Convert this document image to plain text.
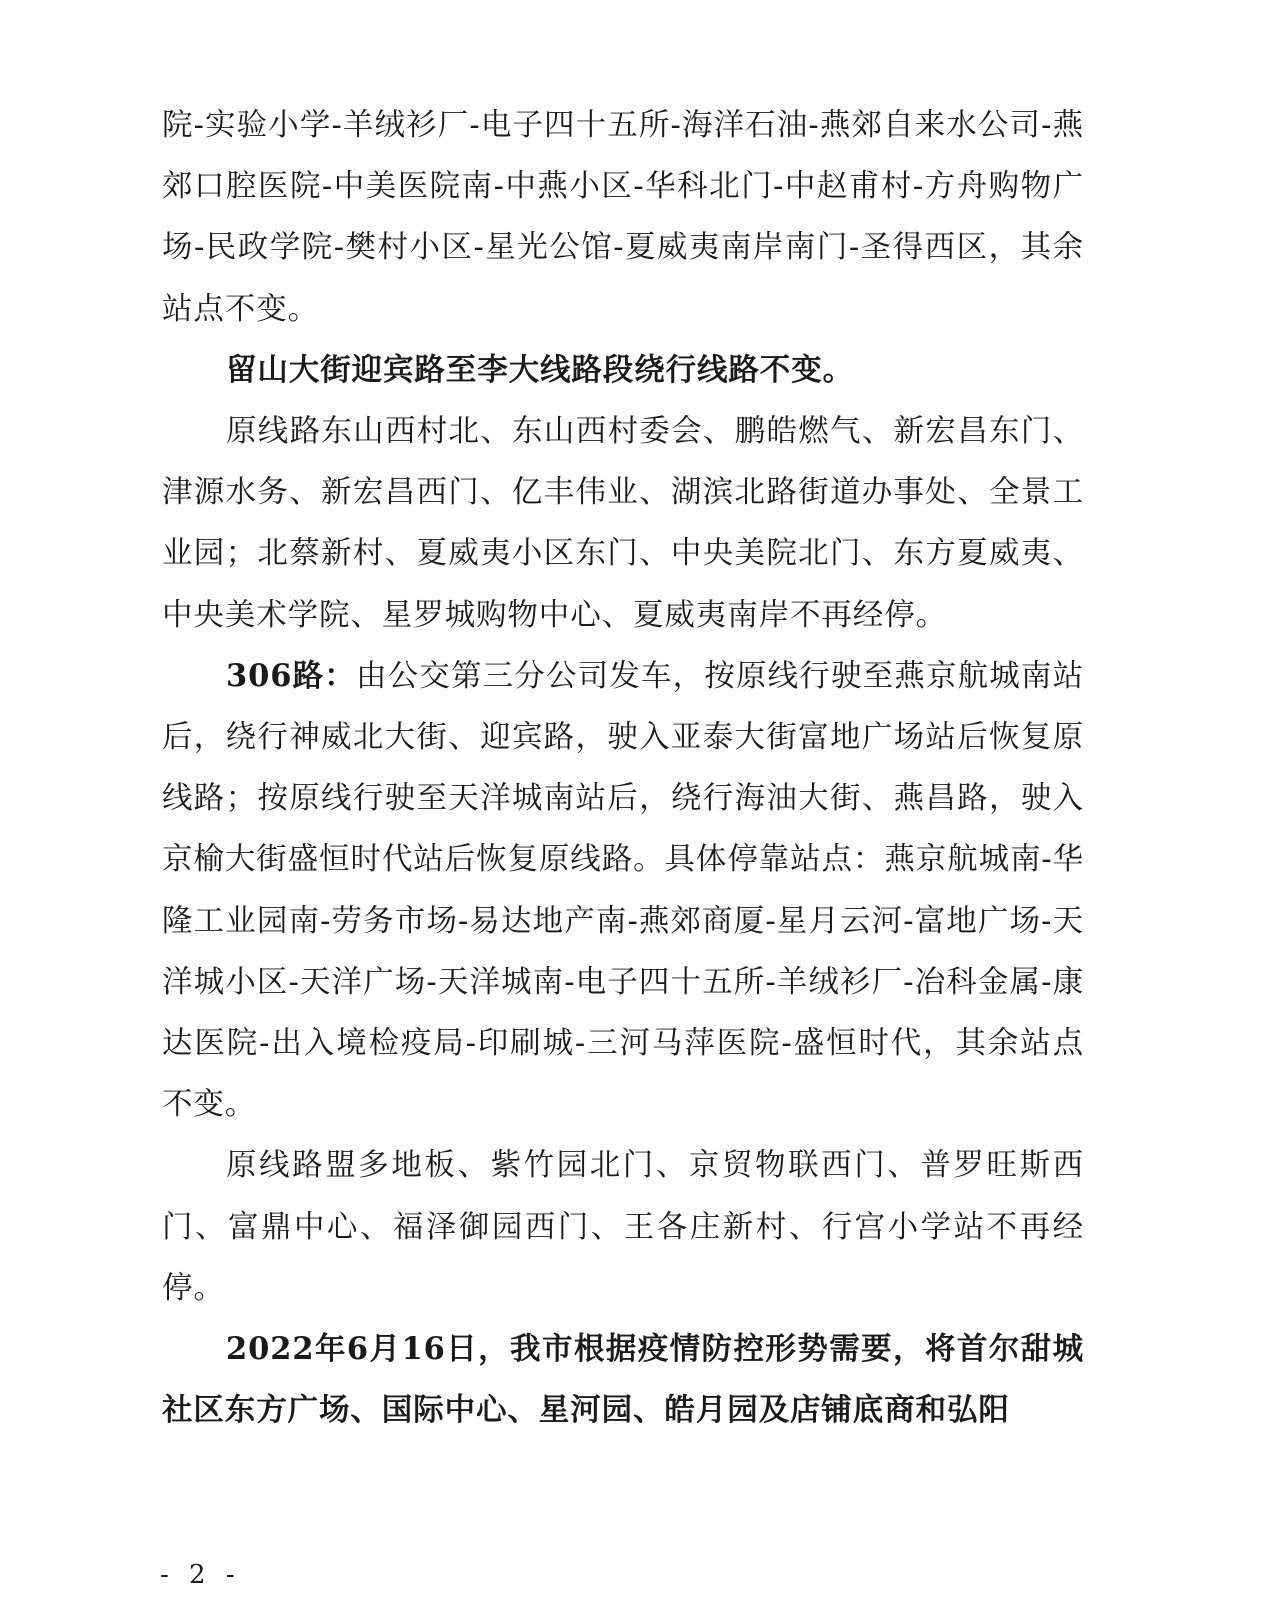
院-实验小学-羊绒衫厂-电子四十五所-海洋石油-燕郊自来水公司-燕郊口腔医院-中美医院南-中燕小区-华科北门-中赵甫村-方舟购物广场-民政学院-樊村小区-星光公馆-夏威夷南岸南门-圣得西区，其余站点不变。

留山大街迎宾路至李大线路段绕行线路不变。

原线路东山西村北、东山西村委会、鹏皓燃气、新宏昌东门、津源水务、新宏昌西门、亿丰伟业、湖滨北路街道办事处、全景工业园；北蔡新村、夏威夷小区东门、中央美院北门、东方夏威夷、中央美术学院、星罗城购物中心、夏威夷南岸不再经停。

306路：由公交第三分公司发车，按原线行驶至燕京航城南站后，绕行神威北大街、迎宾路，驶入亚泰大街富地广场站后恢复原线路；按原线行驶至天洋城南站后，绕行海油大街、燕昌路，驶入京榆大街盛恒时代站后恢复原线路。具体停靠站点：燕京航城南-华隆工业园南-劳务市场-易达地产南-燕郊商厦-星月云河-富地广场-天洋城小区-天洋广场-天洋城南-电子四十五所-羊绒衫厂-冶科金属-康达医院-出入境检疫局-印刷城-三河马萍医院-盛恒时代，其余站点不变。

原线路盟多地板、紫竹园北门、京贸物联西门、普罗旺斯西门、富鼎中心、福泽御园西门、王各庄新村、行宫小学站不再经停。

2022年6月16日，我市根据疫情防控形势需要，将首尔甜城社区东方广场、国际中心、星河园、皓月园及店铺底商和弘阳

- 2 -
